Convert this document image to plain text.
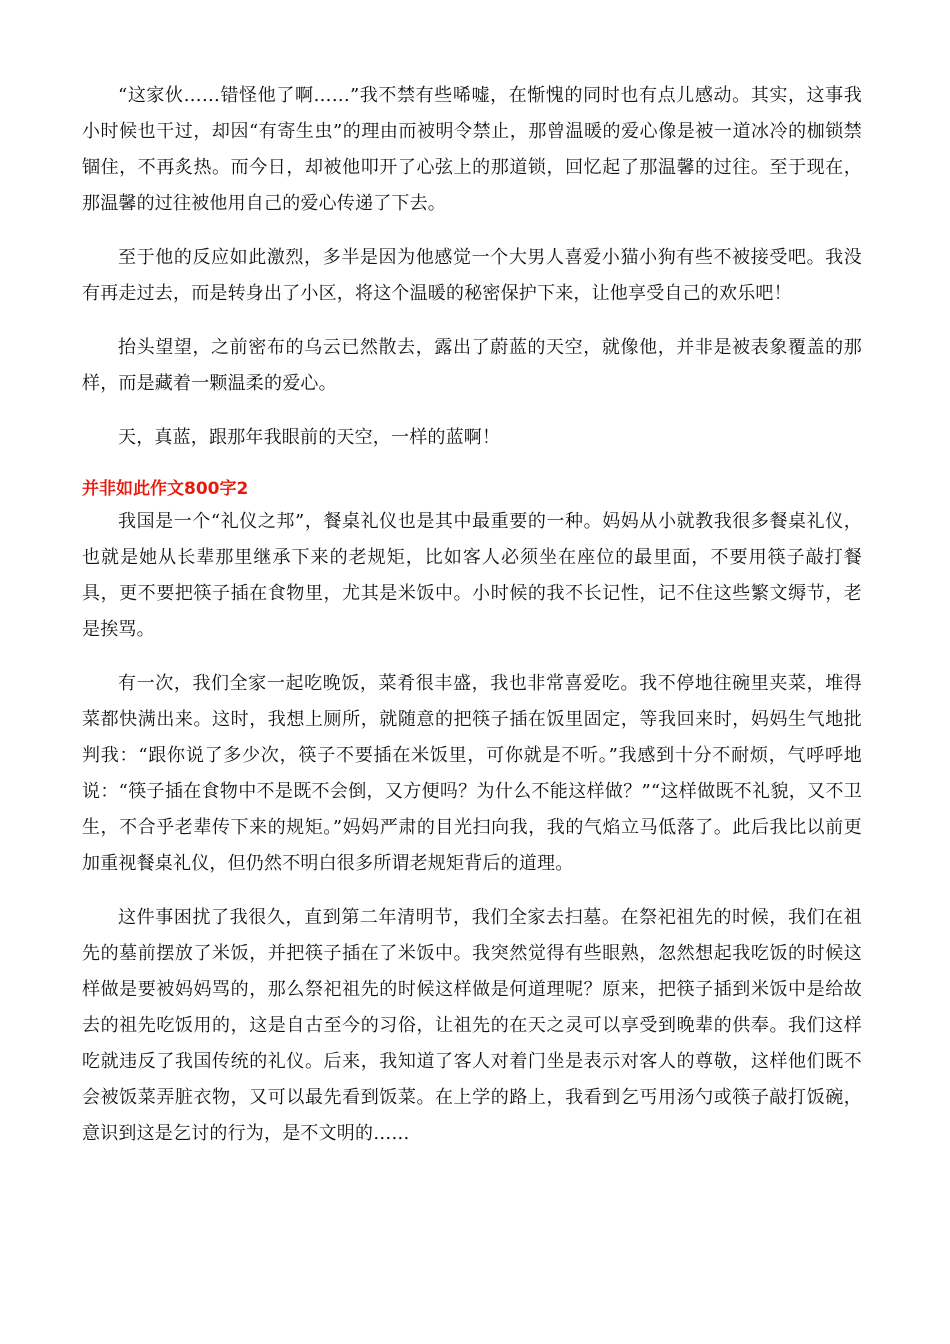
“这家伙……错怪他了啊……”我不禁有些唏嘘，在惭愧的同时也有点儿感动。其实，这事我小时候也干过，却因“有寄生虫”的理由而被明令禁止，那曾温暖的爱心像是被一道冰冷的枷锁禁锢住，不再炙热。而今日，却被他叩开了心弦上的那道锁，回忆起了那温馨的过往。至于现在，那温馨的过往被他用自己的爱心传递了下去。

至于他的反应如此激烈，多半是因为他感觉一个大男人喜爱小猫小狗有些不被接受吧。我没有再走过去，而是转身出了小区，将这个温暖的秘密保护下来，让他享受自己的欢乐吧！

抬头望望，之前密布的乌云已然散去，露出了蔚蓝的天空，就像他，并非是被表象覆盖的那样，而是藏着一颗温柔的爱心。

天，真蓝，跟那年我眼前的天空，一样的蓝啊！

并非如此作文800字2

我国是一个“礼仪之邦”，餐桌礼仪也是其中最重要的一种。妈妈从小就教我很多餐桌礼仪，也就是她从长辈那里继承下来的老规矩，比如客人必须坐在座位的最里面，不要用筷子敲打餐具，更不要把筷子插在食物里，尤其是米饭中。小时候的我不长记性，记不住这些繁文缛节，老是挨骂。

有一次，我们全家一起吃晚饭，菜肴很丰盛，我也非常喜爱吃。我不停地往碗里夹菜，堆得菜都快满出来。这时，我想上厕所，就随意的把筷子插在饭里固定，等我回来时，妈妈生气地批判我：“跟你说了多少次，筷子不要插在米饭里，可你就是不听。”我感到十分不耐烦，气呼呼地说：“筷子插在食物中不是既不会倒，又方便吗？为什么不能这样做？”“这样做既不礼貌，又不卫生，不合乎老辈传下来的规矩。”妈妈严肃的目光扫向我，我的气焰立马低落了。此后我比以前更加重视餐桌礼仪，但仍然不明白很多所谓老规矩背后的道理。

这件事困扰了我很久，直到第二年清明节，我们全家去扫墓。在祭祀祖先的时候，我们在祖先的墓前摆放了米饭，并把筷子插在了米饭中。我突然觉得有些眼熟，忽然想起我吃饭的时候这样做是要被妈妈骂的，那么祭祀祖先的时候这样做是何道理呢？原来，把筷子插到米饭中是给故去的祖先吃饭用的，这是自古至今的习俗，让祖先的在天之灵可以享受到晚辈的供奉。我们这样吃就违反了我国传统的礼仪。后来，我知道了客人对着门坐是表示对客人的尊敬，这样他们既不会被饭菜弄脏衣物，又可以最先看到饭菜。在上学的路上，我看到乞丐用汤勺或筷子敲打饭碗，意识到这是乞讨的行为，是不文明的……
